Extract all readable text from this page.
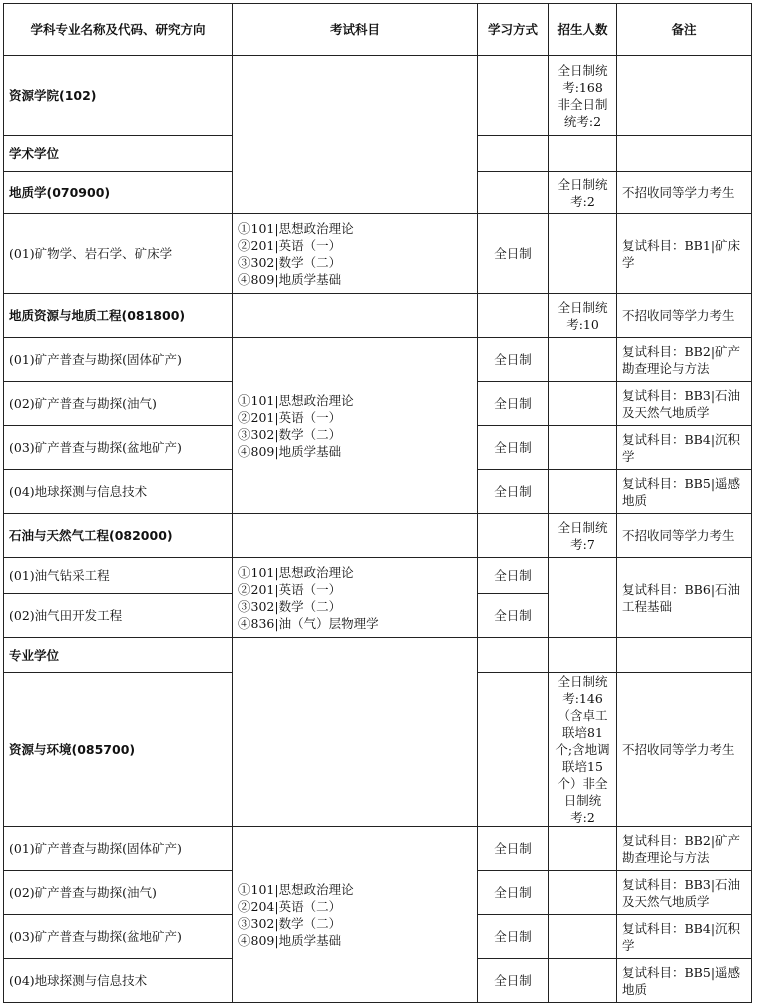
学科专业名称及代码、研究方向	考试科目	学习方式	招生人数	备注
资源学院(102)			全日制统考:168 非全日制统考:2	
学术学位				
地质学(070900)			全日制统考:2	不招收同等学力考生
(01)矿物学、岩石学、矿床学	①101|思想政治理论
②201|英语（一）
③302|数学（二）
④809|地质学基础	全日制		复试科目：BB1|矿床学
地质资源与地质工程(081800)			全日制统考:10	不招收同等学力考生
(01)矿产普查与勘探(固体矿产)	①101|思想政治理论
②201|英语（一）
③302|数学（二）
④809|地质学基础	全日制		复试科目：BB2|矿产勘查理论与方法
(02)矿产普查与勘探(油气)		全日制		复试科目：BB3|石油及天然气地质学
(03)矿产普查与勘探(盆地矿产)		全日制		复试科目：BB4|沉积学
(04)地球探测与信息技术		全日制		复试科目：BB5|遥感地质
石油与天然气工程(082000)			全日制统考:7	不招收同等学力考生
(01)油气钻采工程	①101|思想政治理论
②201|英语（一）
③302|数学（二）
④836|油（气）层物理学	全日制		复试科目：BB6|石油工程基础
(02)油气田开发工程		全日制		
专业学位				
资源与环境(085700)			全日制统考:146（含卓工联培81个;含地调联培15个）非全日制统考:2	不招收同等学力考生
(01)矿产普查与勘探(固体矿产)	①101|思想政治理论
②204|英语（二）
③302|数学（二）
④809|地质学基础	全日制		复试科目：BB2|矿产勘查理论与方法
(02)矿产普查与勘探(油气)		全日制		复试科目：BB3|石油及天然气地质学
(03)矿产普查与勘探(盆地矿产)		全日制		复试科目：BB4|沉积学
(04)地球探测与信息技术		全日制		复试科目：BB5|遥感地质
